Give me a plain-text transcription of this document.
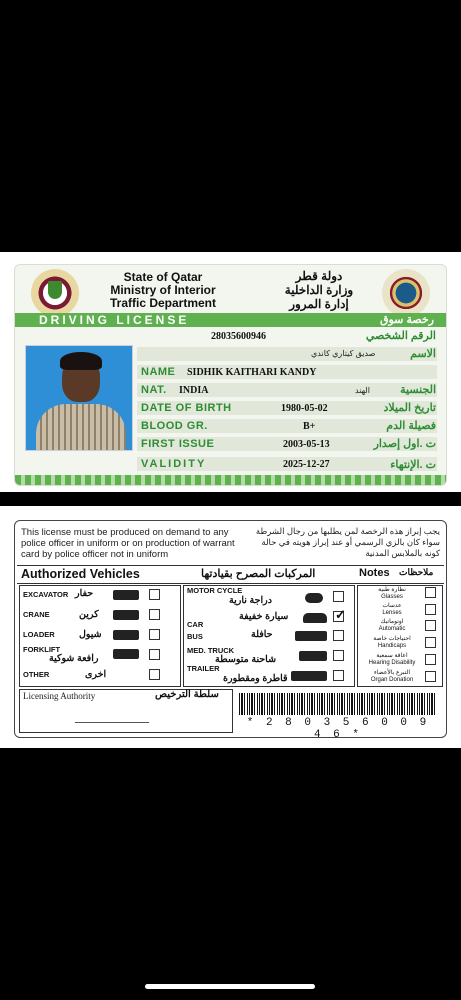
State of Qatar
Ministry of Interior
Traffic Department
دولة قطر
وزارة الداخلية
إدارة المرور
DRIVING LICENSE	رخصة سوق
28035600946	الرقم الشخصي
صديق كيتاري كاندي	الاسم
NAME SIDHIK KAITHARI KANDY
NAT. INDIA	الهند	الجنسية
DATE OF BIRTH	1980-05-02	تاريخ الميلاد
BLOOD GR.	B+	فصيلة الدم
FIRST ISSUE	2003-05-13	ت .اول إصدار
VALIDITY	2025-12-27	ت .الإنتهاء
This license must be produced on demand to any police officer in uniform or on production of warrant card by police officer not in uniform
يجب إبراز هذه الرخصة لمن يطلبها من رجال الشرطة سواء كان بالزي الرسمي أو عند إبراز هويته في حالة كونه بالملابس المدنية
Authorized Vehicles	المركبات المصرح بقيادتها	Notes ملاحظات
EXCAVATOR حفار
CRANE	كرين
LOADER	شيول
FORKLIFT
رافعة شوكية
OTHER	اخرى
MOTOR CYCLE
دراجة نارية
CAR
سيارة خفيفة	✓
BUS	حافلة
MED. TRUCK
شاحنة متوسطة
TRAILER
قاطرة ومقطورة
نظارة طبية
Glasses
عدسات
Lenses
اوتوماتيك
Automatic
احتياجات خاصة
Handicaps
اعاقة سمعية
Hearing Disability
التبرع بالأعضاء
Organ Donation
Licensing Authority	سلطة الترخيص
* 2 8 0 3 5 6 0 0 9 4 6 *
